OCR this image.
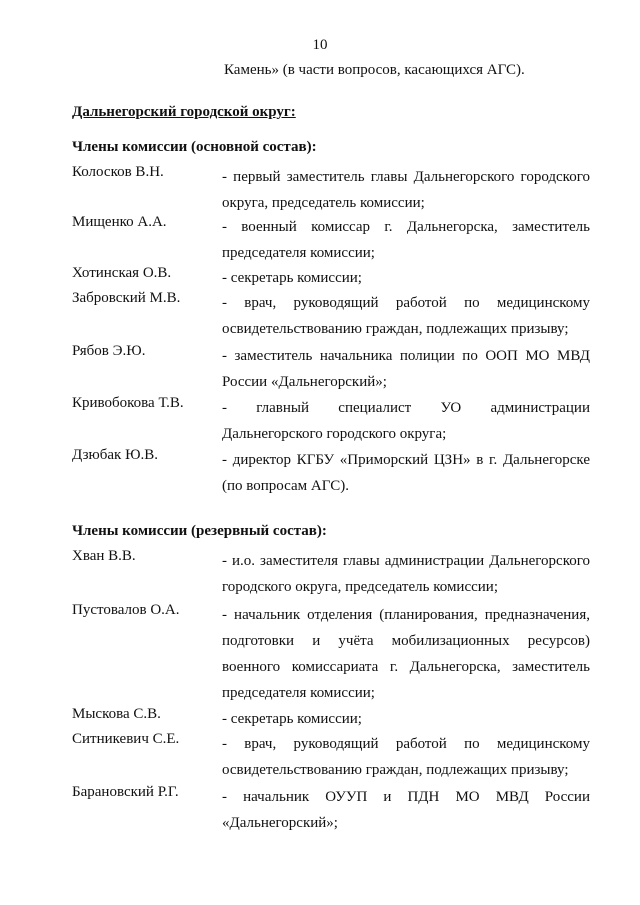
10
Камень» (в части вопросов, касающихся АГС).
Дальнегорский городской округ:
Члены комиссии (основной состав):
Колосков В.Н.	- первый заместитель главы Дальнегорского городского
округа, председатель комиссии;
Мищенко А.А.	- военный комиссар г. Дальнегорска, заместитель
председателя комиссии;
Хотинская О.В.	- секретарь комиссии;
Забровский М.В.	- врач, руководящий работой по медицинскому
освидетельствованию граждан, подлежащих призыву;
Рябов Э.Ю.	- заместитель начальника полиции по ООП МО МВД
России «Дальнегорский»;
Кривобокова Т.В.	- главный специалист УО администрации
Дальнегорского городского округа;
Дзюбак Ю.В.	- директор КГБУ «Приморский ЦЗН» в г. Дальнегорске
(по вопросам АГС).
Члены комиссии (резервный состав):
Хван В.В.	- и.о. заместителя главы администрации Дальнегорского
городского округа, председатель комиссии;
Пустовалов О.А.	- начальник отделения (планирования, предназначения,
подготовки и учёта мобилизационных ресурсов)
военного комиссариата г. Дальнегорска, заместитель
председателя комиссии;
Мыскова С.В.	- секретарь комиссии;
Ситникевич С.Е.	- врач, руководящий работой по медицинскому
освидетельствованию граждан, подлежащих призыву;
Барановский Р.Г.	- начальник ОУУП и ПДН МО МВД России
«Дальнегорский»;
